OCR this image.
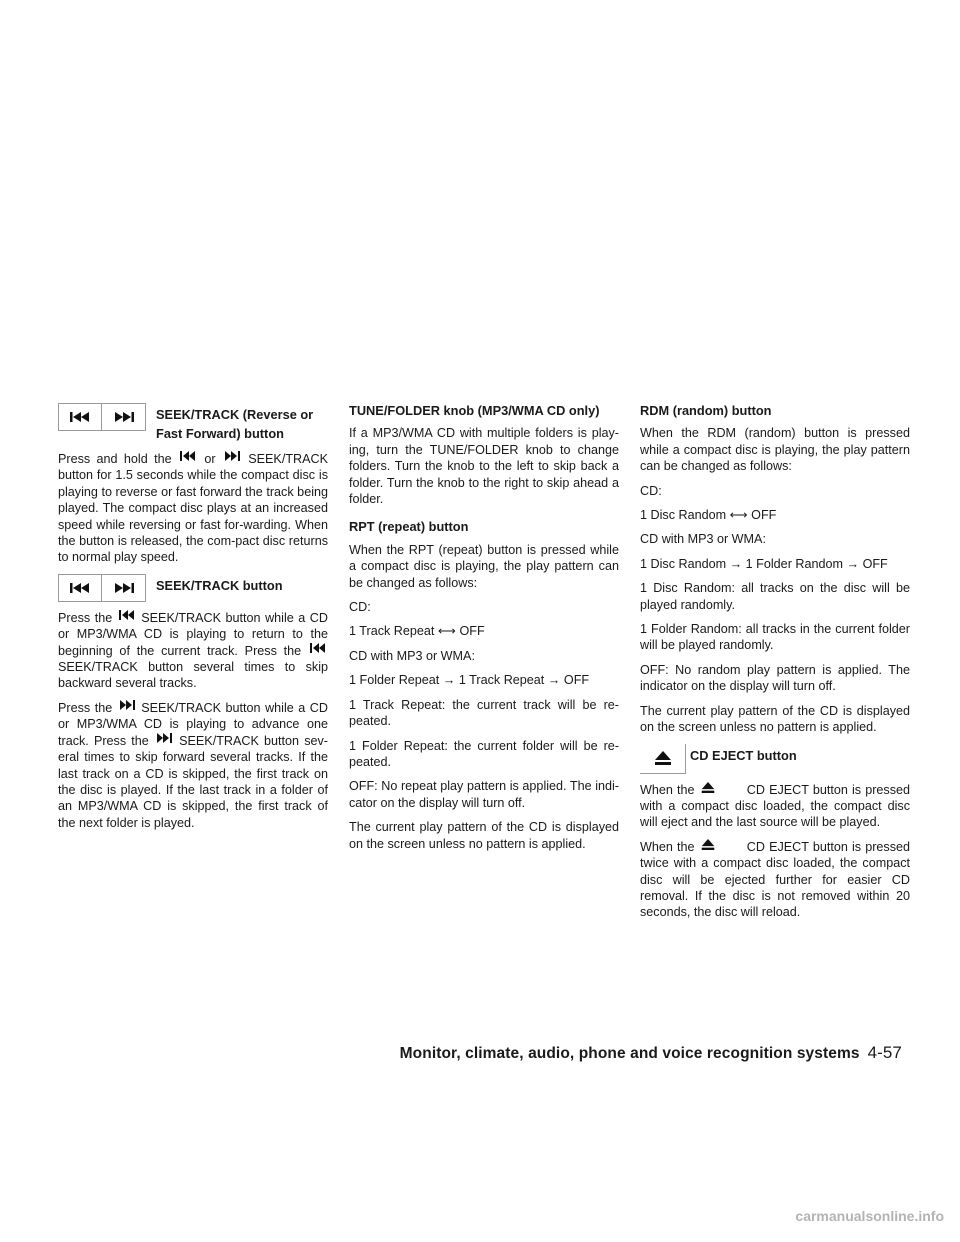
SEEK/TRACK (Reverse or Fast Forward) button

Press and hold the	or	SEEK/TRACK button for 1.5 seconds while the compact disc is playing to reverse or fast forward the track being played. The compact disc plays at an increased speed while reversing or fast for-warding. When the button is released, the com-pact disc returns to normal play speed.

SEEK/TRACK button

Press the SEEK/TRACK button while a CD or MP3/WMA CD is playing to return to the beginning of the current track. Press the
SEEK/TRACK button several times to skip backward several tracks.

Press the SEEK/TRACK button while a CD or MP3/WMA CD is playing to advance one track. Press the SEEK/TRACK button sev-eral times to skip forward several tracks. If the last track on a CD is skipped, the first track on the disc is played. If the last track in a folder of an MP3/WMA CD is skipped, the first track of the next folder is played.

TUNE/FOLDER knob (MP3/WMA CD only)

If a MP3/WMA CD with multiple folders is play-ing, turn the TUNE/FOLDER knob to change folders. Turn the knob to the left to skip back a folder. Turn the knob to the right to skip ahead a folder.

RPT (repeat) button

When the RPT (repeat) button is pressed while a compact disc is playing, the play pattern can be changed as follows:

CD:

1 Track Repeat ⟷ OFF

CD with MP3 or WMA:

1 Folder Repeat → 1 Track Repeat → OFF

1 Track Repeat: the current track will be re-peated.

1 Folder Repeat: the current folder will be re-peated.

OFF: No repeat play pattern is applied. The indi-cator on the display will turn off.

The current play pattern of the CD is displayed on the screen unless no pattern is applied.

RDM (random) button

When the RDM (random) button is pressed while a compact disc is playing, the play pattern can be changed as follows:

CD:

1 Disc Random ⟷ OFF

CD with MP3 or WMA:

1 Disc Random → 1 Folder Random → OFF

1 Disc Random: all tracks on the disc will be played randomly.

1 Folder Random: all tracks in the current folder will be played randomly.

OFF: No random play pattern is applied. The indicator on the display will turn off.

The current play pattern of the CD is displayed on the screen unless no pattern is applied.

CD EJECT button

When the	CD EJECT button is pressed with a compact disc loaded, the compact disc will eject and the last source will be played.

When the	CD EJECT button is pressed twice with a compact disc loaded, the compact disc will be ejected further for easier CD removal. If the disc is not removed within 20 seconds, the disc will reload.

Monitor, climate, audio, phone and voice recognition systems 4-57
carmanualsonline.info
